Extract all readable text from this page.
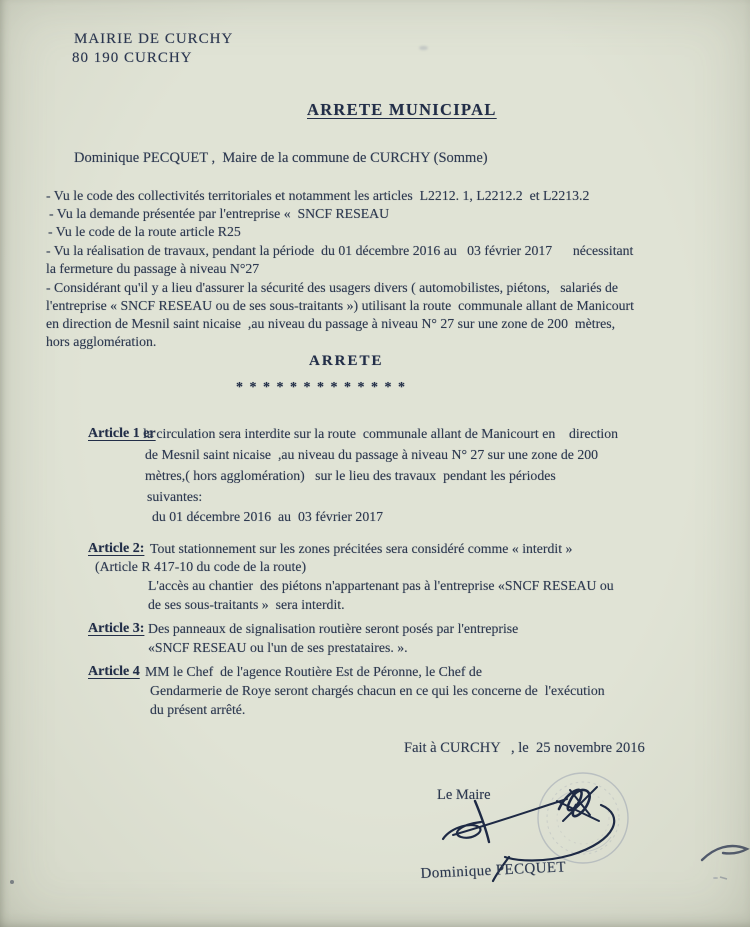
MAIRIE DE CURCHY
80 190 CURCHY
ARRETE MUNICIPAL
Dominique PECQUET ,  Maire de la commune de CURCHY (Somme)
- Vu le code des collectivités territoriales et notamment les articles  L2212. 1, L2212.2  et L2213.2
- Vu la demande présentée par l'entreprise «  SNCF RESEAU
- Vu le code de la route article R25
- Vu la réalisation de travaux, pendant la période  du 01 décembre 2016 au   03 février 2017      nécessitant
la fermeture du passage à niveau N°27
- Considérant qu'il y a lieu d'assurer la sécurité des usagers divers ( automobilistes, piétons,   salariés de
l'entreprise « SNCF RESEAU ou de ses sous-traitants ») utilisant la route  communale allant de Manicourt
en direction de Mesnil saint nicaise  ,au niveau du passage à niveau N° 27 sur une zone de 200  mètres,
hors agglomération.
ARRETE
*************
Article 1 er
la circulation sera interdite sur la route  communale allant de Manicourt en    direction
de Mesnil saint nicaise  ,au niveau du passage à niveau N° 27 sur une zone de 200
mètres,( hors agglomération)   sur le lieu des travaux  pendant les périodes
suivantes:
du 01 décembre 2016  au  03 février 2017
Article 2: Tout stationnement sur les zones précitées sera considéré comme « interdit »
(Article R 417-10 du code de la route)
L'accès au chantier  des piétons n'appartenant pas à l'entreprise «SNCF RESEAU ou
de ses sous-traitants »  sera interdit.
Article 3: Des panneaux de signalisation routière seront posés par l'entreprise
«SNCF RESEAU ou l'un de ses prestataires. ».
Article 4 MM le Chef  de l'agence Routière Est de Péronne, le Chef de
Gendarmerie de Roye seront chargés chacun en ce qui les concerne de  l'exécution
du présent arrêté.
Fait à CURCHY   , le  25 novembre 2016
Le Maire
Dominique PECQUET
